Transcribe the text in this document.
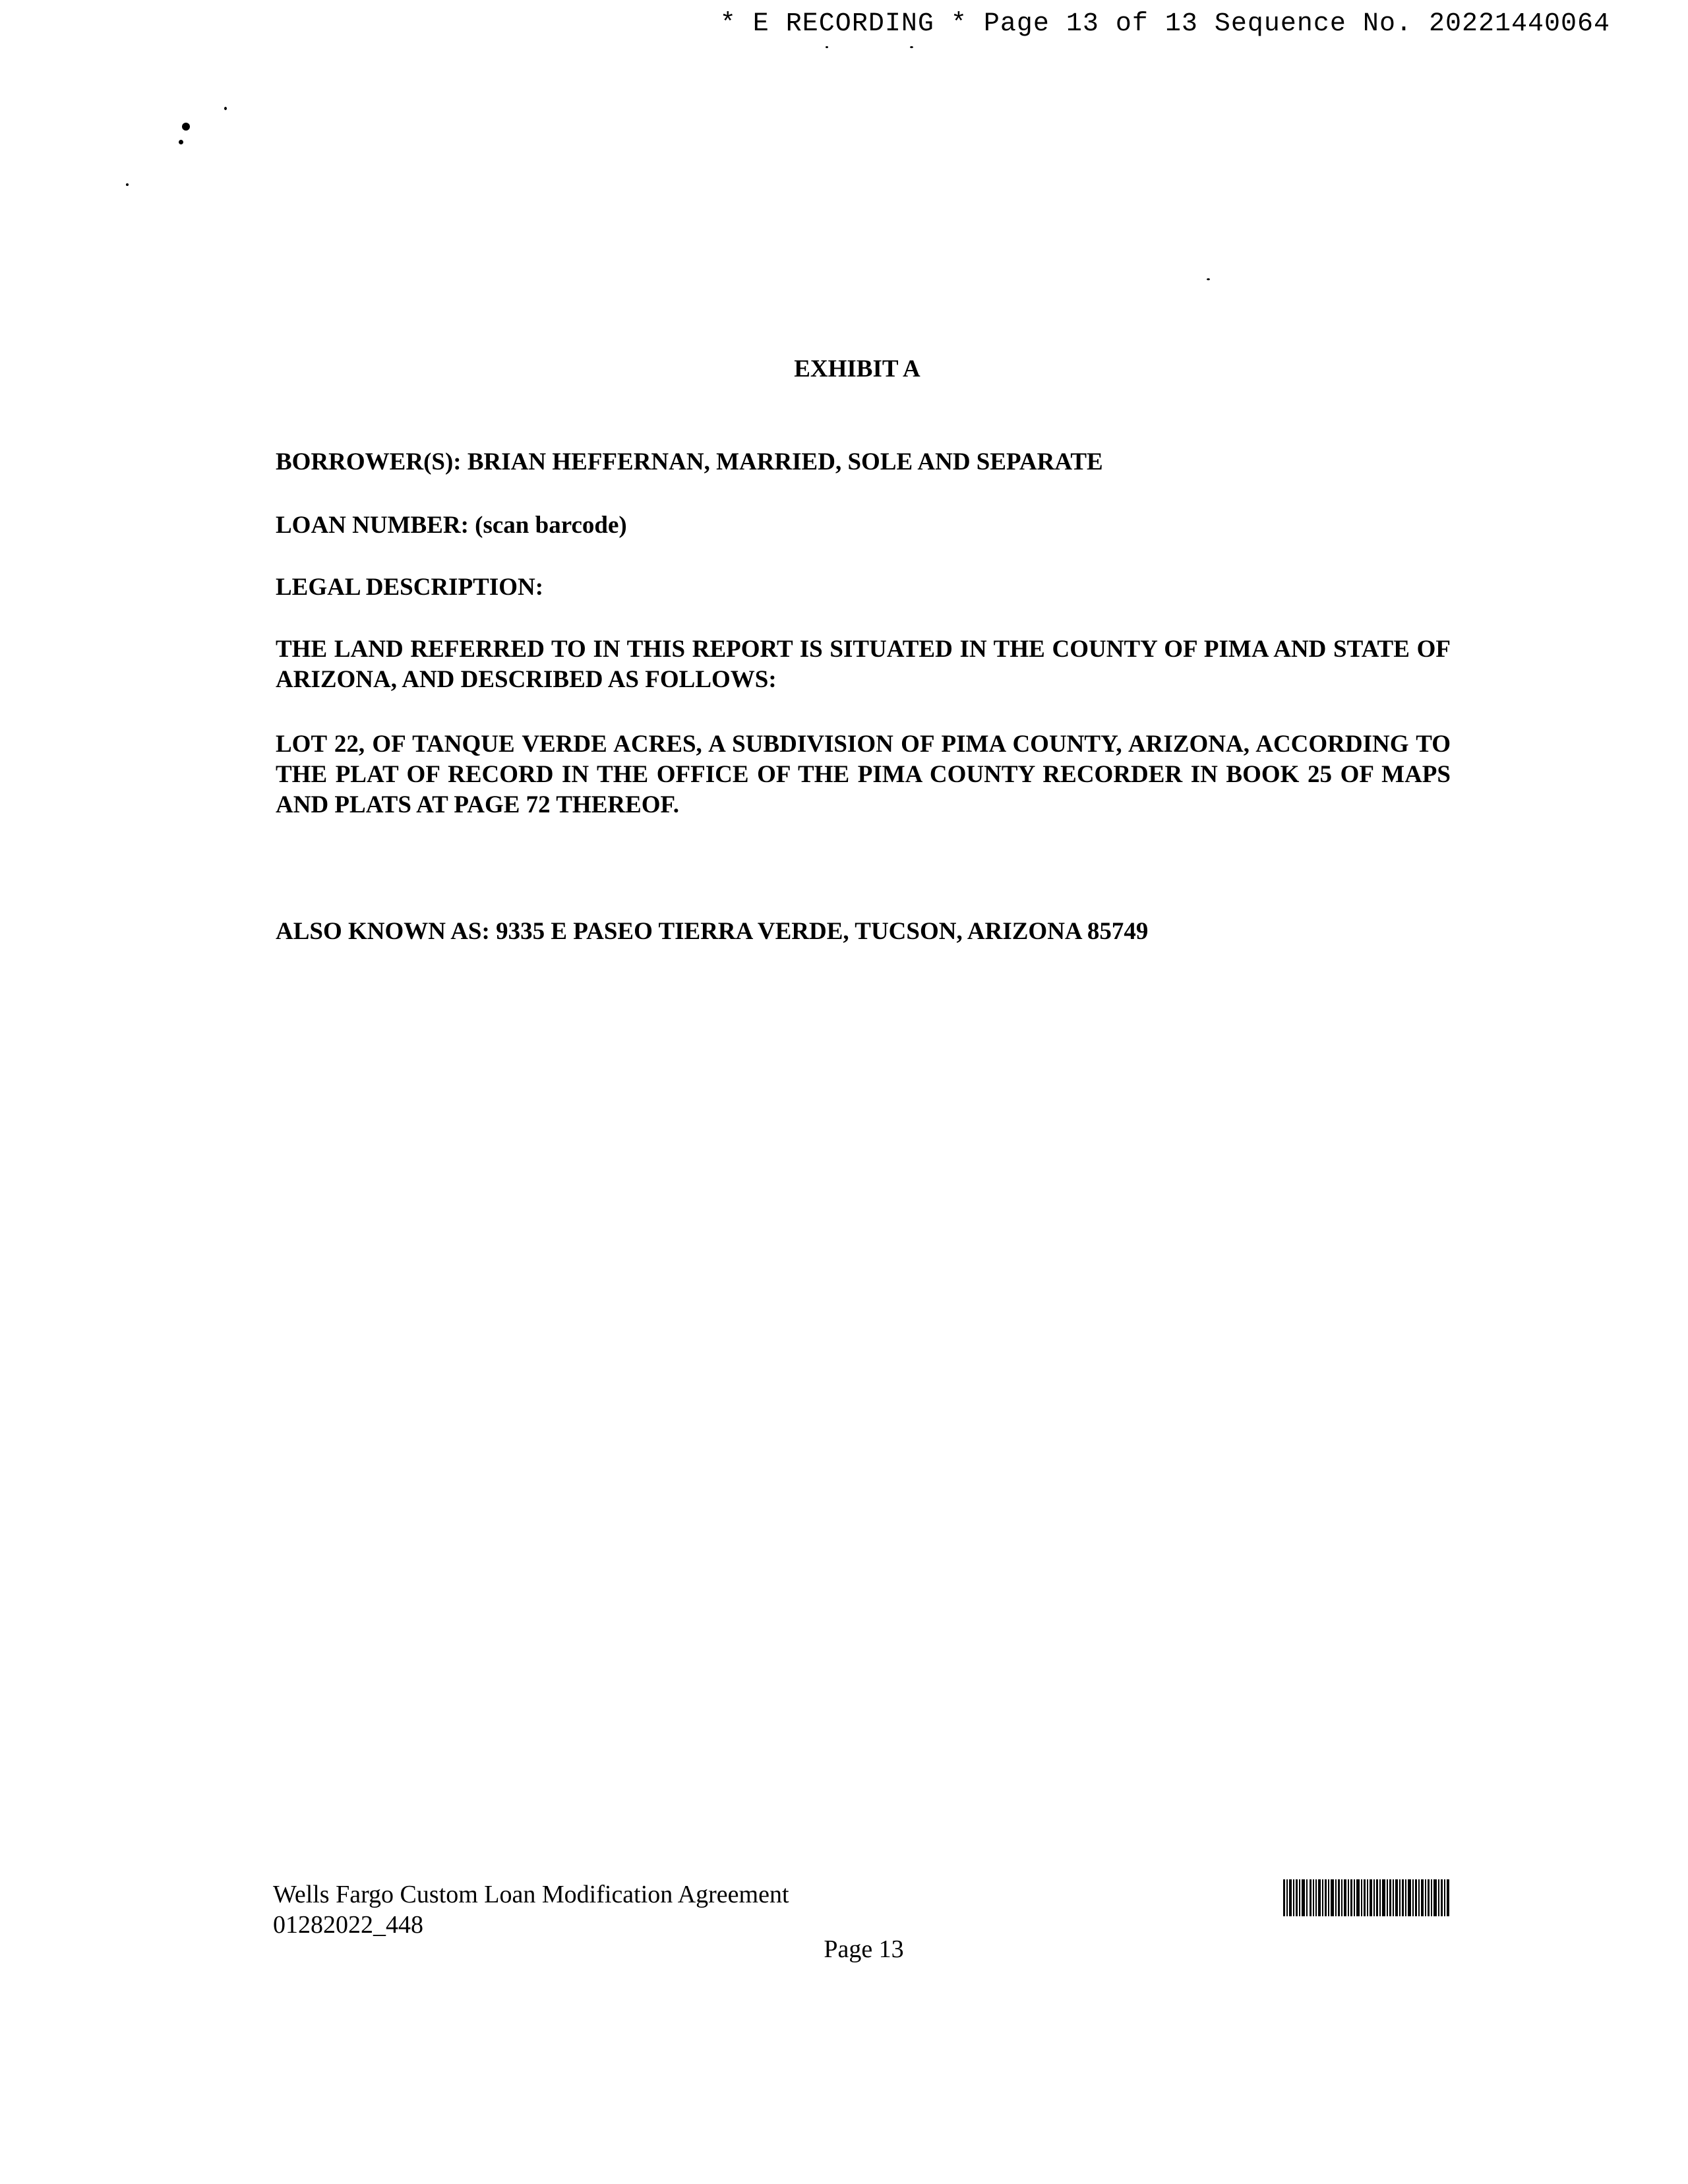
* E RECORDING * Page 13 of 13 Sequence No. 20221440064
EXHIBIT A

BORROWER(S): BRIAN HEFFERNAN, MARRIED, SOLE AND SEPARATE

LOAN NUMBER: (scan barcode)

LEGAL DESCRIPTION:

THE LAND REFERRED TO IN THIS REPORT IS SITUATED IN THE COUNTY OF PIMA AND STATE OF ARIZONA, AND DESCRIBED AS FOLLOWS:

LOT 22, OF TANQUE VERDE ACRES, A SUBDIVISION OF PIMA COUNTY, ARIZONA, ACCORDING TO THE PLAT OF RECORD IN THE OFFICE OF THE PIMA COUNTY RECORDER IN BOOK 25 OF MAPS AND PLATS AT PAGE 72 THEREOF.

ALSO KNOWN AS: 9335 E PASEO TIERRA VERDE, TUCSON, ARIZONA 85749

Wells Fargo Custom Loan Modification Agreement
01282022_448
Page 13
